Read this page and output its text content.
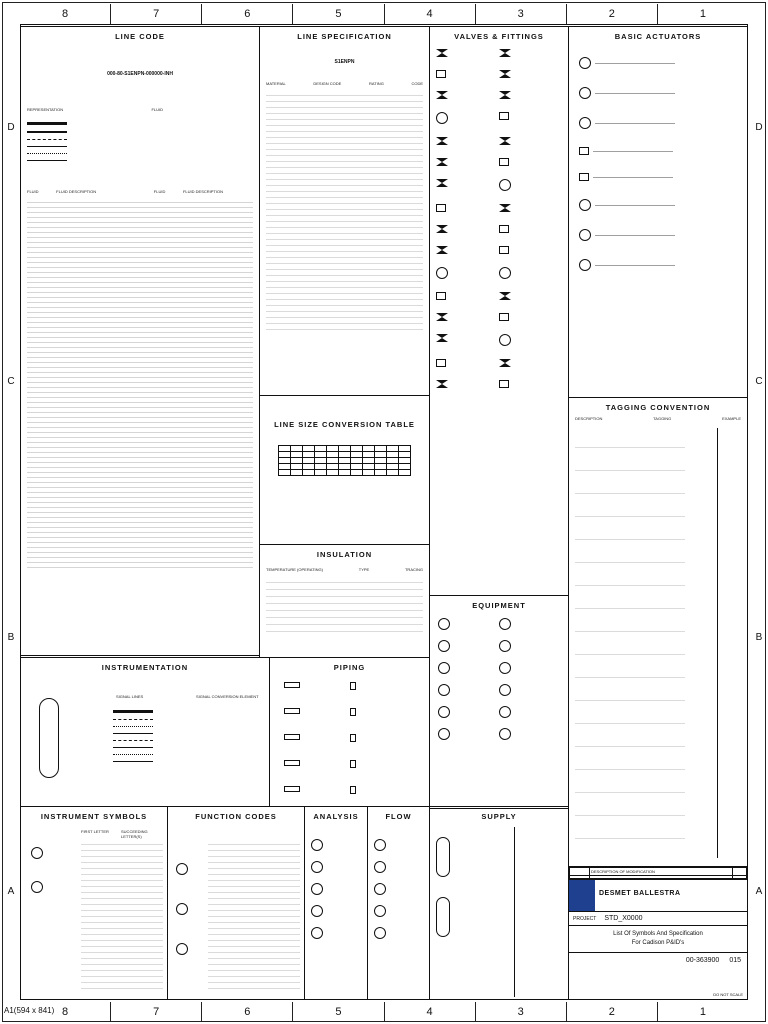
8	7	6	5	4	3	2	1
8	7	6	5	4	3	2	1
D
C
B
A
D
C
B
A
A1(594 x 841)
LINE CODE
000-80-S1ENPN-000000-INH
REPRESENTATION	FLUID
FLUID	FLUID DESCRIPTION	FLUID	FLUID DESCRIPTION
LINE SPECIFICATION
S1ENPN
MATERIAL	DESIGN CODE	RATING	CODE
LINE SIZE CONVERSION TABLE

INSULATION
TEMPERATURE (OPERATING)	TYPE	TRACING
VALVES & FITTINGS
EQUIPMENT
BASIC ACTUATORS
TAGGING CONVENTION
DESCRIPTION	TAGGING	EXAMPLE
INSTRUMENTATION
SIGNAL LINES	SIGNAL CONVERSION ELEMENT
PIPING
INSTRUMENT SYMBOLS
FIRST LETTER	SUCCEEDING LETTER(S)
FUNCTION CODES	ANALYSIS	FLOW	SUPPLY
	DESCRIPTION OF MODIFICATION	

DESMET BALLESTRA
PROJECT	STD_X0000
List Of Symbols And Specification
For Cadison P&ID's
00-363900 015
DO NOT SCALE
